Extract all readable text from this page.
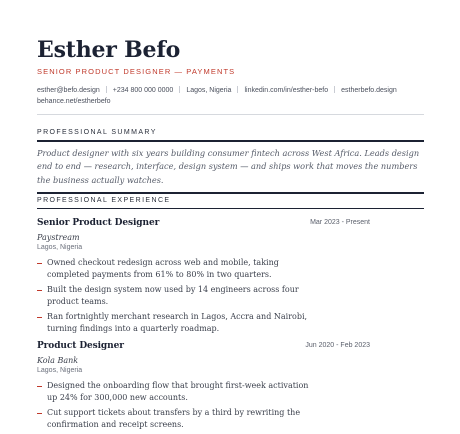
Esther Befo
SENIOR PRODUCT DESIGNER — PAYMENTS
esther@befo.design +234 800 000 0000 Lagos, Nigeria linkedin.com/in/esther-befo estherbefo.design
behance.net/estherbefo
PROFESSIONAL SUMMARY
Product designer with six years building consumer fintech across West Africa. Leads design end to end — research, interface, design system — and ships work that moves the numbers the business actually watches.
PROFESSIONAL EXPERIENCE
Senior Product Designer	Mar 2023 - Present
Paystream
Lagos, Nigeria
Owned checkout redesign across web and mobile, taking completed payments from 61% to 80% in two quarters.
Built the design system now used by 14 engineers across four product teams.
Ran fortnightly merchant research in Lagos, Accra and Nairobi, turning findings into a quarterly roadmap.
Product Designer	Jun 2020 - Feb 2023
Kola Bank
Lagos, Nigeria
Designed the onboarding flow that brought first-week activation up 24% for 300,000 new accounts.
Cut support tickets about transfers by a third by rewriting the confirmation and receipt screens.
